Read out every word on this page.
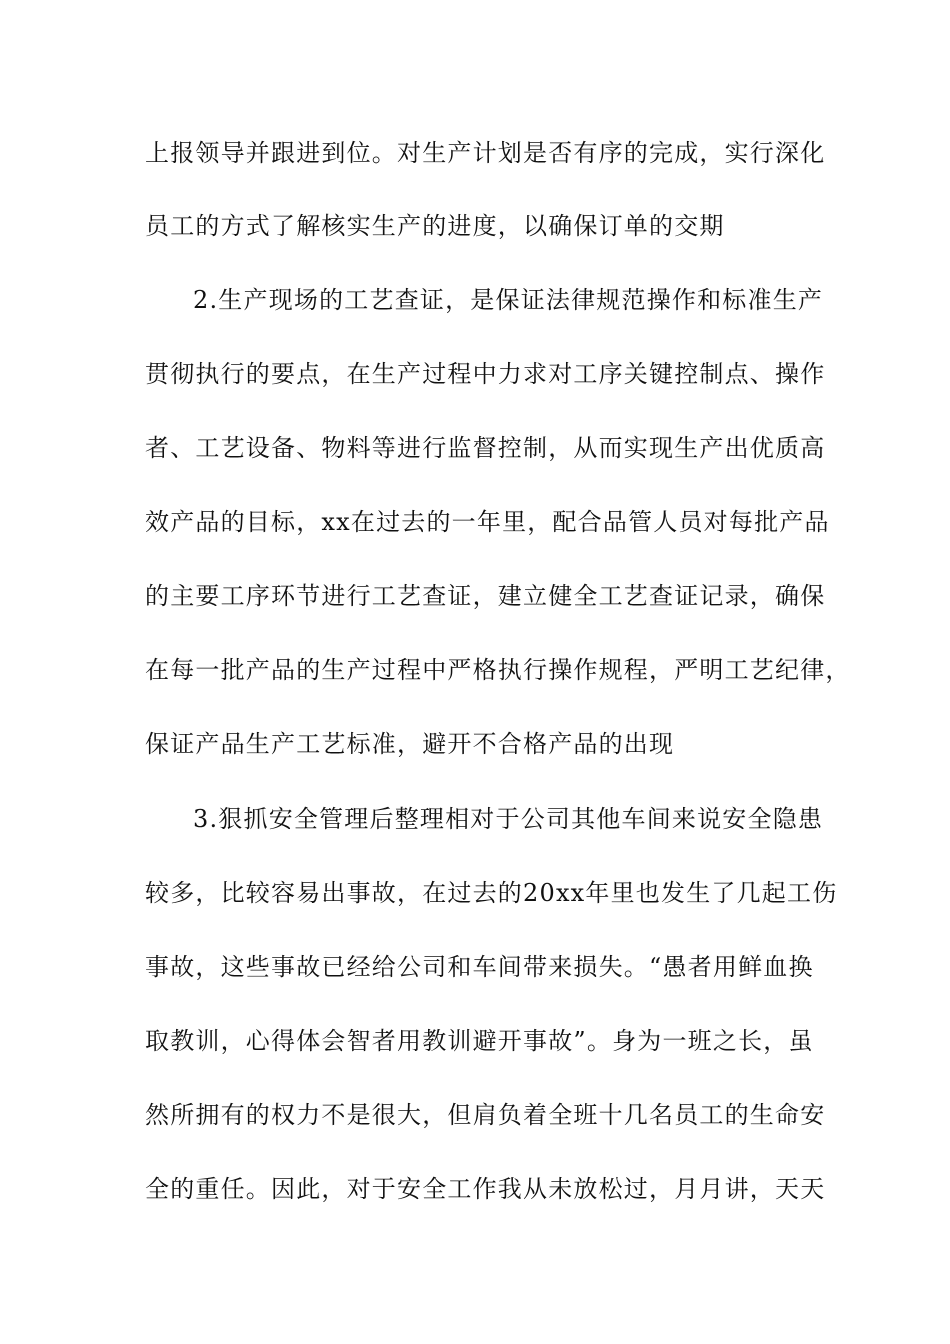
上报领导并跟进到位。对生产计划是否有序的完成，实行深化
员工的方式了解核实生产的进度，以确保订单的交期
2.生产现场的工艺查证，是保证法律规范操作和标准生产
贯彻执行的要点，在生产过程中力求对工序关键控制点、操作
者、工艺设备、物料等进行监督控制，从而实现生产出优质高
效产品的目标，xx在过去的一年里，配合品管人员对每批产品
的主要工序环节进行工艺查证，建立健全工艺查证记录，确保
在每一批产品的生产过程中严格执行操作规程，严明工艺纪律，
保证产品生产工艺标准，避开不合格产品的出现
3.狠抓安全管理后整理相对于公司其他车间来说安全隐患
较多，比较容易出事故，在过去的20xx年里也发生了几起工伤
事故，这些事故已经给公司和车间带来损失。“愚者用鲜血换
取教训，心得体会智者用教训避开事故”。身为一班之长，虽
然所拥有的权力不是很大，但肩负着全班十几名员工的生命安
全的重任。因此，对于安全工作我从未放松过，月月讲，天天
